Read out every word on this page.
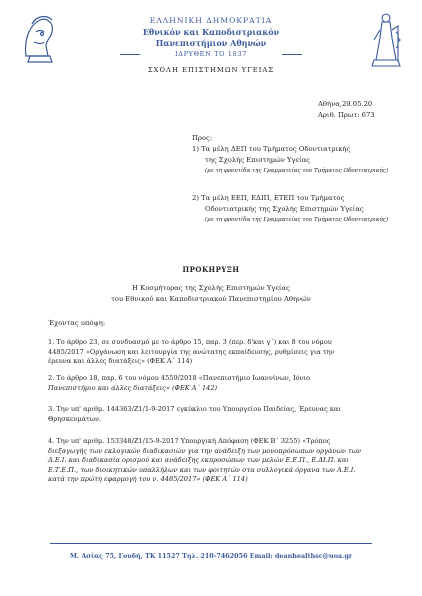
ΕΛΛΗΝΙΚΗ ΔΗΜΟΚΡΑΤΙΑ
Εθνικόν και Καποδιστριακόν
Πανεπιστήμιον Αθηνών
ΙΔΡΥΘΕΝ ΤΟ 1837
ΣΧΟΛΗ ΕΠΙΣΤΗΜΩΝ ΥΓΕΙΑΣ
Αθήνα,29.05.20
Αριθ. Πρωτ: 673
Προς:
1) Τα μέλη ΔΕΠ του Τμήματος Οδοντιατρικής
της Σχολής Επιστημών Υγείας
(με τη φροντίδα της Γραμματείας του Τμήματος Οδοντιατρικής)
2) Τα μέλη ΕΕΠ, ΕΔΙΠ, ΕΤΕΠ του Τμήματος
Οδοντιατρικής της Σχολής Επιστημών Υγείας
(με τη φροντίδα της Γραμματείας του Τμήματος Οδοντιατρικής)
ΠΡΟΚΗΡΥΞΗ
Η Κοσμήτορας της Σχολής Επιστημών Υγείας
του Εθνικού και Καποδιστριακού Πανεπιστημίου Αθηνών
Έχοντας υπόψη:
1. Το άρθρο 23, σε συνδυασμό με το άρθρο 15, παρ. 3 (περ. δ'και γ΄) και 8 του νόμου
4485/2017 «Οργάνωση και λειτουργία της ανώτατης εκπαίδευσης, ρυθμίσεις για την
έρευνα και άλλες διατάξεις» (ΦΕΚ Α΄ 114)
2. Το άρθρο 18, παρ. 6 του νόμου 4559/2018 «Πανεπιστήμιο Ιωαννίνων, Ιόνιο
Πανεπιστήμιο και άλλες διατάξεις» (ΦΕΚ Α΄ 142)
3. Την υπ' αριθμ. 144363/Ζ1/1-9-2017 εγκύκλιο του Υπουργείου Παιδείας, Έρευνας και
Θρησκευμάτων.
4. Την υπ' αριθμ. 153348/Ζ1/15-9-2017 Υπουργική Απόφαση (ΦΕΚ Β΄ 3255) «Τρόπος
διεξαγωγής των εκλογικών διαδικασιών για την ανάδειξη των μονοπρόσωπων οργάνων των
Α.Ε.Ι. και διαδικασία ορισμού και ανάδειξης εκπροσώπων των μελών Ε.Ε.Π., Ε.ΔΙ.Π. και
Ε.Τ.Ε.Π., των διοικητικών υπαλλήλων και των φοιτητών στα συλλογικά όργανα των Α.Ε.Ι.
κατά την πρώτη εφαρμογή του ν. 4485/2017» (ΦΕΚ Α΄ 114)
Μ. Ασίας 75, Γουδή, ΤΚ 11527 Τηλ. 210-7462056 Email: deanhealthsc@uoa.gr
